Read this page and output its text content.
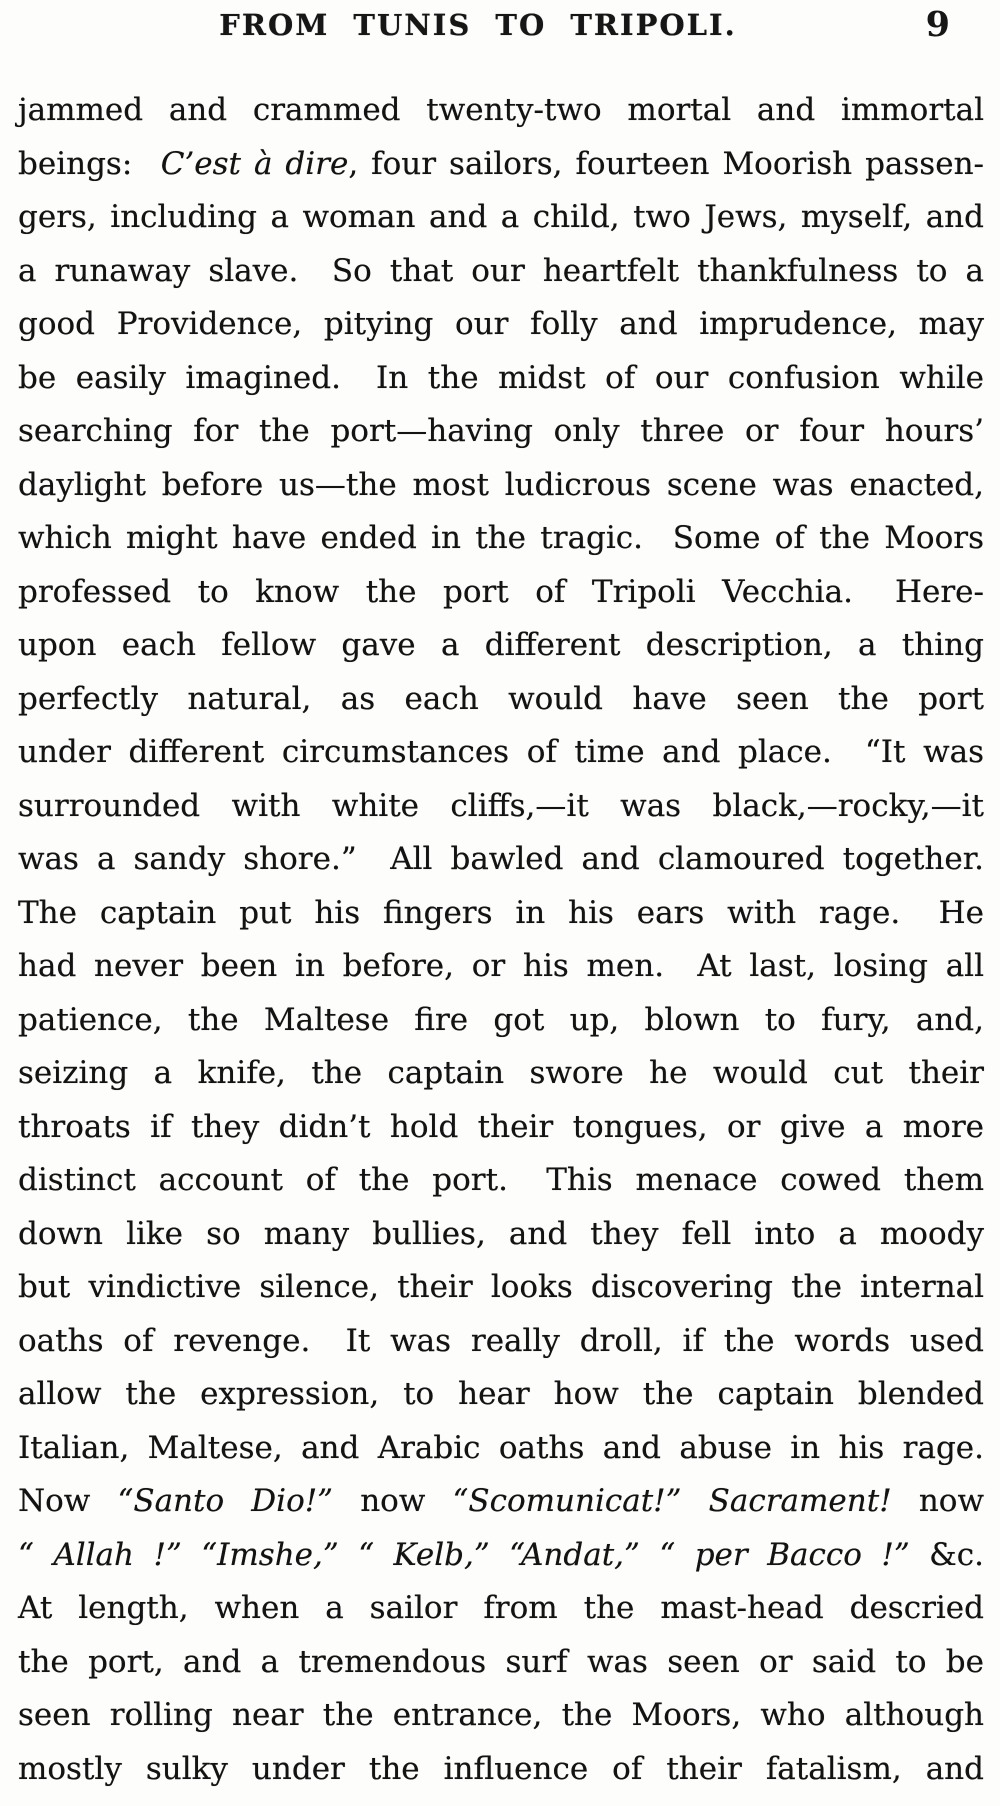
FROM TUNIS TO TRIPOLI.	9
jammed and crammed twenty-two mortal and immortal
beings:  C’est à dire, four sailors, fourteen Moorish passen-
gers, including a woman and a child, two Jews, myself, and
a runaway slave.  So that our heartfelt thankfulness to a
good Providence, pitying our folly and imprudence, may
be easily imagined.  In the midst of our confusion while
searching for the port—having only three or four hours’
daylight before us—the most ludicrous scene was enacted,
which might have ended in the tragic.  Some of the Moors
professed to know the port of Tripoli Vecchia.  Here-
upon each fellow gave a different description, a thing
perfectly natural, as each would have seen the port
under different circumstances of time and place.  “It was
surrounded with white cliffs,—it was black,—rocky,—it
was a sandy shore.”  All bawled and clamoured together.
The captain put his fingers in his ears with rage.  He
had never been in before, or his men.  At last, losing all
patience, the Maltese fire got up, blown to fury, and,
seizing a knife, the captain swore he would cut their
throats if they didn’t hold their tongues, or give a more
distinct account of the port.  This menace cowed them
down like so many bullies, and they fell into a moody
but vindictive silence, their looks discovering the internal
oaths of revenge.  It was really droll, if the words used
allow the expression, to hear how the captain blended
Italian, Maltese, and Arabic oaths and abuse in his rage.
Now “Santo Dio!” now “Scomunicat!” Sacrament! now
“ Allah !” “Imshe,” “ Kelb,” “Andat,” “ per Bacco !” &c.
At length, when a sailor from the mast-head descried
the port, and a tremendous surf was seen or said to be
seen rolling near the entrance, the Moors, who although
mostly sulky under the influence of their fatalism, and
